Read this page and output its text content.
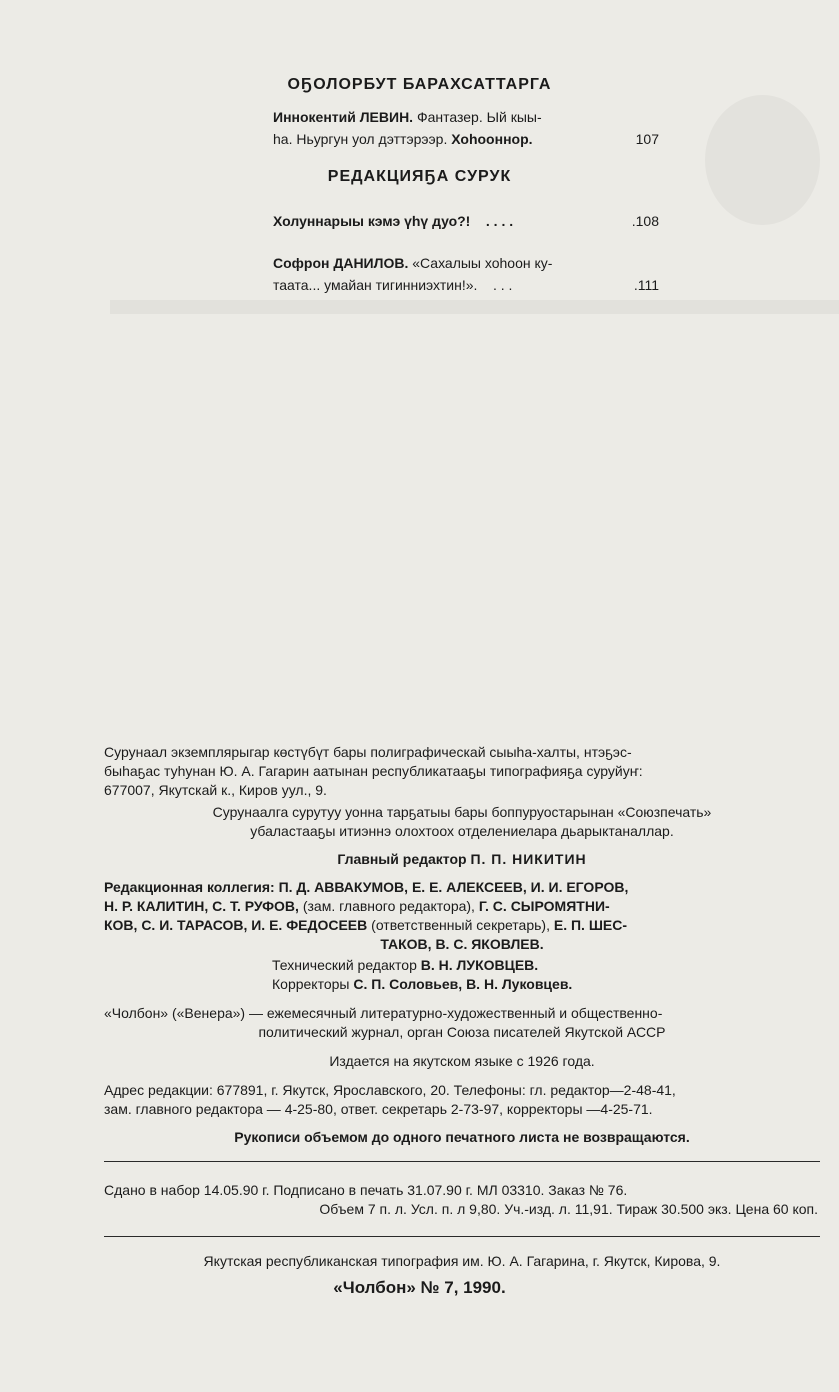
ОҔОЛОРБУТ БАРАХСАТТАРГА
Иннокентий ЛЕВИН. Фантазер. Ый кыы-
һа. Ньургун уол дэттэрээр. Хоһооннор.	107
РЕДАКЦИЯҔА СУРУК
Холуннарыы кэмэ үһү дуо?! . . . .	.108
Софрон ДАНИЛОВ. «Сахалыы хоһоон ку-
таата... умайан тигинниэхтин!». . . .	.111
Сурунаал экземплярыгар көстүбүт бары полиграфическай сыыһа-халты, нтэҕэс-
быһаҕас туһунан Ю. А. Гагарин аатынан республикатааҕы типографияҕа суруйуҥ:
677007, Якутскай к., Киров уул., 9.
Сурунаалга сурутуу уонна тарҕатыы бары боппуруостарынан «Союзпечать»
убаластааҕы итиэннэ олохтоох отделениелара дьарыктаналлар.
Главный редактор П. П. НИКИТИН
Редакционная коллегия: П. Д. АВВАКУМОВ, Е. Е. АЛЕКСЕЕВ, И. И. ЕГОРОВ,
Н. Р. КАЛИТИН, С. Т. РУФОВ, (зам. главного редактора), Г. С. СЫРОМЯТНИ-
КОВ, С. И. ТАРАСОВ, И. Е. ФЕДОСЕЕВ (ответственный секретарь), Е. П. ШЕС-
ТАКОВ, В. С. ЯКОВЛЕВ.
Технический редактор В. Н. ЛУКОВЦЕВ.
Корректоры С. П. Соловьев, В. Н. Луковцев.
«Чолбон» («Венера») — ежемесячный литературно-художественный и общественно-
политический журнал, орган Союза писателей Якутской АССР
Издается на якутском языке с 1926 года.
Адрес редакции: 677891, г. Якутск, Ярославского, 20. Телефоны: гл. редактор—2-48-41,
зам. главного редактора — 4-25-80, ответ. секретарь 2-73-97, корректоры —4-25-71.
Рукописи объемом до одного печатного листа не возвращаются.
Сдано в набор 14.05.90 г. Подписано в печать 31.07.90 г. МЛ 03310. Заказ № 76.
Объем 7 п. л. Усл. п. л 9,80. Уч.-изд. л. 11,91. Тираж 30.500 экз. Цена 60 коп.
Якутская республиканская типография им. Ю. А. Гагарина, г. Якутск, Кирова, 9.
«Чолбон» № 7, 1990.
